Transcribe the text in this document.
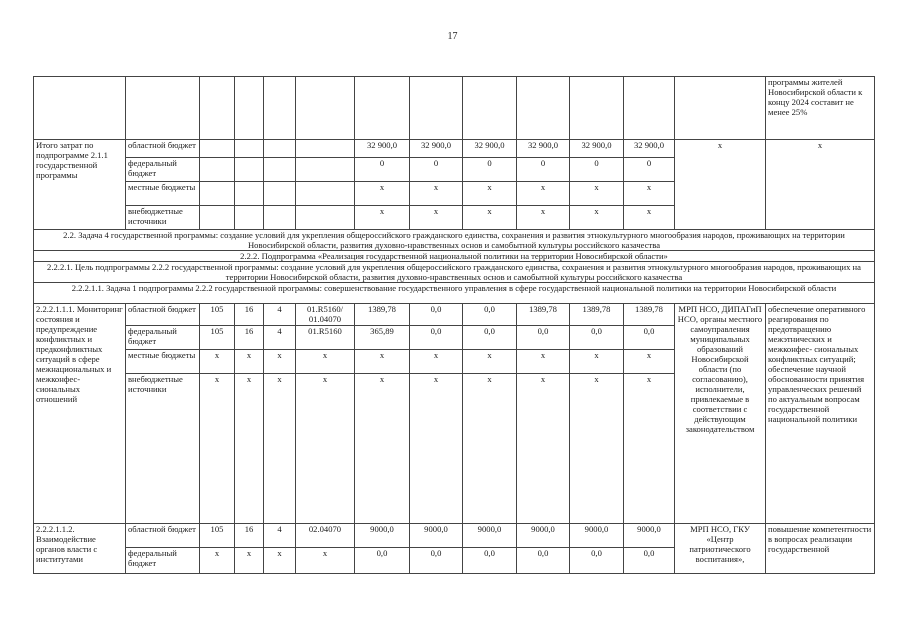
17
													программы жителей Новосибирской области к концу 2024 составит не менее 25%
Итого затрат по подпрограмме 2.1.1 государственной программы	областной бюджет					32 900,0	32 900,0	32 900,0	32 900,0	32 900,0	32 900,0	х	х
	федеральный бюджет					0	0	0	0	0	0		
	местные бюджеты					х	х	х	х	х	х		
	внебюджетные источники					х	х	х	х	х	х		
2.2. Задача 4 государственной программы: создание условий для укрепления общероссийского гражданского единства, сохранения и развития этнокультурного многообразия народов, проживающих на территории Новосибирской области, развития духовно-нравственных основ и самобытной культуры российского казачества													
2.2.2. Подпрограмма «Реализация государственной национальной политики на территории Новосибирской области»													
2.2.2.1. Цель подпрограммы 2.2.2 государственной программы: создание условий для укрепления общероссийского гражданского единства, сохранения и развития этнокультурного многообразия народов, проживающих на территории Новосибирской области, развития духовно-нравственных основ и самобытной культуры российского казачества													
2.2.2.1.1. Задача 1 подпрограммы 2.2.2 государственной программы: совершенствование государственного управления в сфере государственной национальной политики на территории Новосибирской области													
2.2.2.1.1.1. Мониторинг состояния и предупреждение конфликтных и предконфликтных ситуаций в сфере межнациональных и межконфес- сиональных отношений	областной бюджет	105	16	4	01.R5160/ 01.04070	1389,78	0,0	0,0	1389,78	1389,78	1389,78	МРП НСО, ДИПАГиП НСО, органы местного самоуправления муниципальных образований Новосибирской области (по согласованию), исполнители, привлекаемые в соответствии с действующим законодательством	обеспечение оперативного реагирования по предотвращению межэтнических и межконфес- сиональных конфликтных ситуаций; обеспечение научной обоснованности принятия управленческих решений по актуальным вопросам государственной национальной политики
	федеральный бюджет	105	16	4	01.R5160	365,89	0,0	0,0	0,0	0,0	0,0		
	местные бюджеты	х	х	х	х	х	х	х	х	х	х		
	внебюджетные источники	х	х	х	х	х	х	х	х	х	х		
2.2.2.1.1.2. Взаимодействие органов власти с институтами	областной бюджет	105	16	4	02.04070	9000,0	9000,0	9000,0	9000,0	9000,0	9000,0	МРП НСО, ГКУ «Центр патриотического воспитания»,	повышение компетентности в вопросах реализации государственной
	федеральный бюджет	х	х	х	х	0,0	0,0	0,0	0,0	0,0	0,0		
